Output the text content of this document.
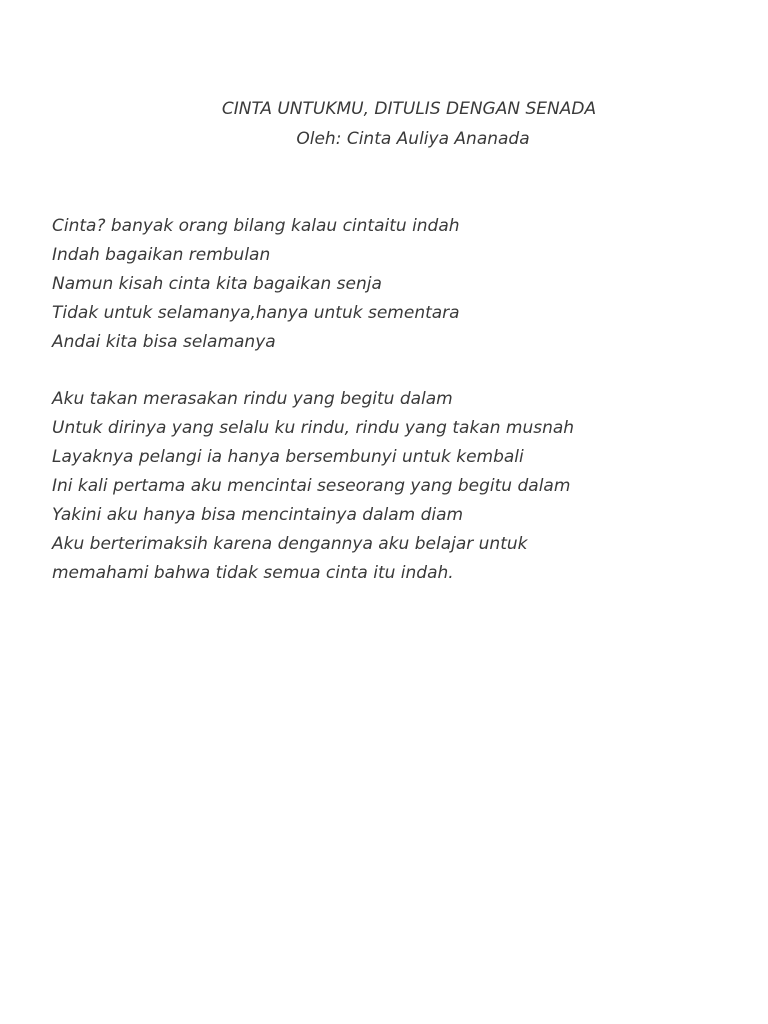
CINTA UNTUKMU, DITULIS DENGAN SENADA
Oleh: Cinta Auliya Ananada
Cinta? banyak orang bilang kalau cintaitu indah
Indah bagaikan rembulan
Namun kisah cinta kita bagaikan senja
Tidak untuk selamanya,hanya untuk sementara
Andai kita bisa selamanya
Aku takan merasakan rindu yang begitu dalam
Untuk dirinya yang selalu ku rindu, rindu yang takan musnah
Layaknya pelangi ia hanya bersembunyi untuk kembali
Ini kali pertama aku mencintai seseorang yang begitu dalam
Yakini aku hanya bisa mencintainya dalam diam
Aku berterimaksih karena dengannya aku belajar untuk
memahami bahwa tidak semua cinta itu indah.
